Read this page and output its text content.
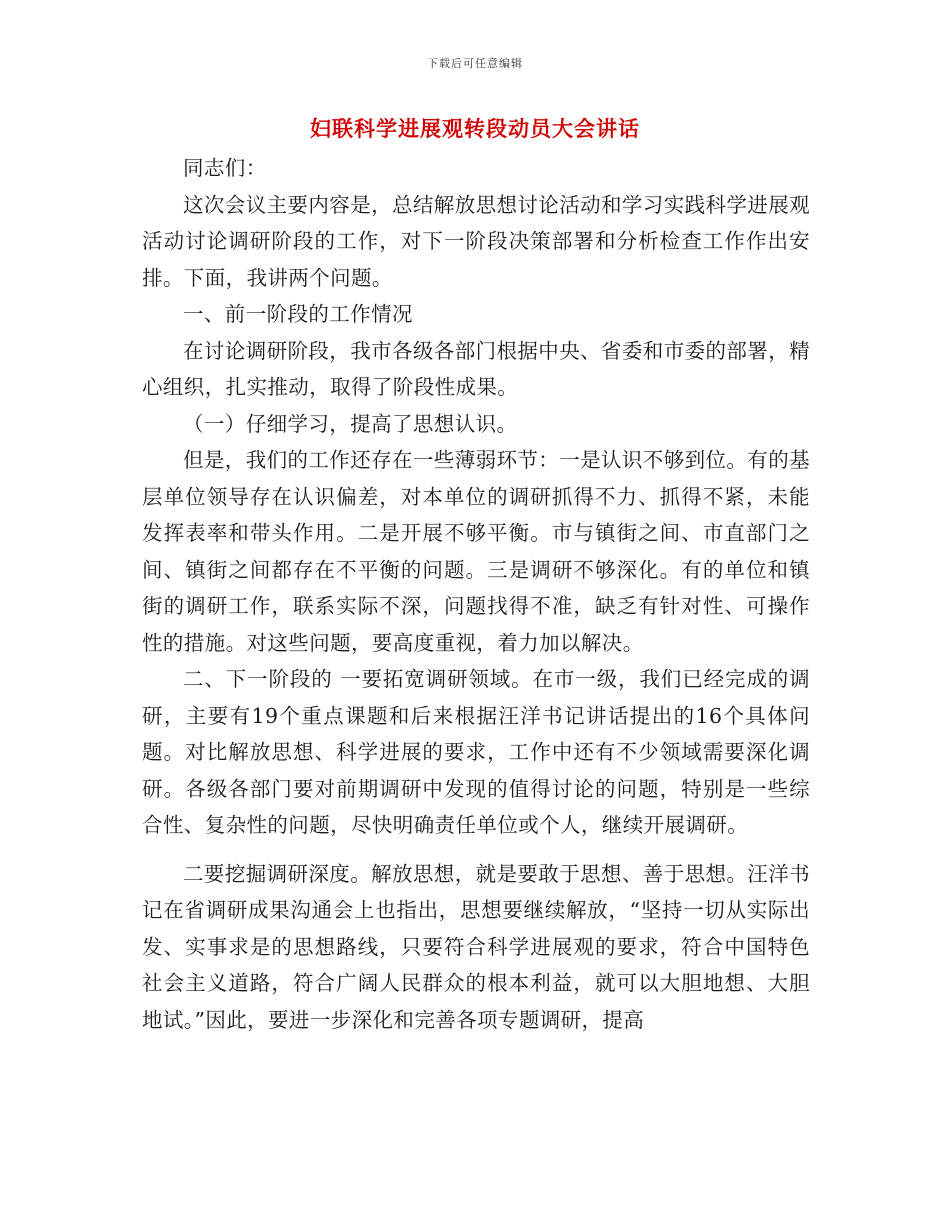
下载后可任意编辑
妇联科学进展观转段动员大会讲话

同志们：

这次会议主要内容是，总结解放思想讨论活动和学习实践科学进展观活动讨论调研阶段的工作，对下一阶段决策部署和分析检查工作作出安排。下面，我讲两个问题。

一、前一阶段的工作情况

在讨论调研阶段，我市各级各部门根据中央、省委和市委的部署，精心组织，扎实推动，取得了阶段性成果。

（一）仔细学习，提高了思想认识。

但是，我们的工作还存在一些薄弱环节：一是认识不够到位。有的基层单位领导存在认识偏差，对本单位的调研抓得不力、抓得不紧，未能发挥表率和带头作用。二是开展不够平衡。市与镇街之间、市直部门之间、镇街之间都存在不平衡的问题。三是调研不够深化。有的单位和镇街的调研工作，联系实际不深，问题找得不准，缺乏有针对性、可操作性的措施。对这些问题，要高度重视，着力加以解决。

二、下一阶段的 一要拓宽调研领域。在市一级，我们已经完成的调研，主要有19个重点课题和后来根据汪洋书记讲话提出的16个具体问题。对比解放思想、科学进展的要求，工作中还有不少领域需要深化调研。各级各部门要对前期调研中发现的值得讨论的问题，特别是一些综合性、复杂性的问题，尽快明确责任单位或个人，继续开展调研。

二要挖掘调研深度。解放思想，就是要敢于思想、善于思想。汪洋书记在省调研成果沟通会上也指出，思想要继续解放，“坚持一切从实际出发、实事求是的思想路线，只要符合科学进展观的要求，符合中国特色社会主义道路，符合广阔人民群众的根本利益，就可以大胆地想、大胆地试。”因此，要进一步深化和完善各项专题调研，提高
